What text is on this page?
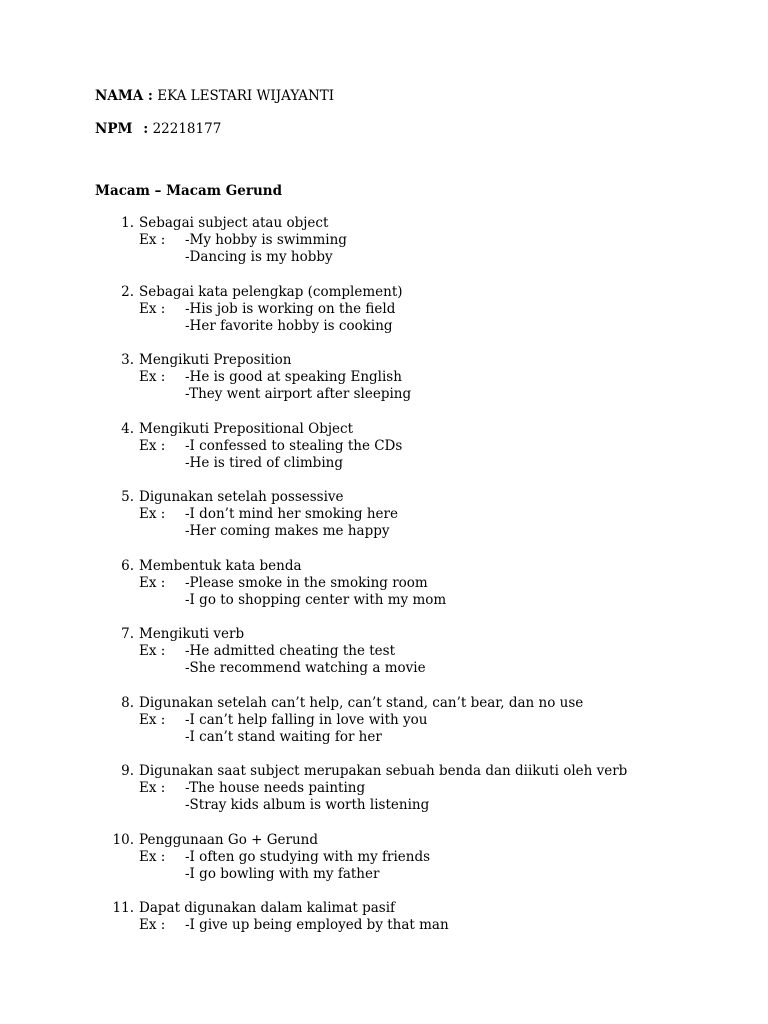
NAMA : EKA LESTARI WIJAYANTI
NPM : 22218177
Macam – Macam Gerund
1. Sebagai subject atau object
Ex : -My hobby is swimming
-Dancing is my hobby
2. Sebagai kata pelengkap (complement)
Ex : -His job is working on the field
-Her favorite hobby is cooking
3. Mengikuti Preposition
Ex : -He is good at speaking English
-They went airport after sleeping
4. Mengikuti Prepositional Object
Ex : -I confessed to stealing the CDs
-He is tired of climbing
5. Digunakan setelah possessive
Ex : -I don’t mind her smoking here
-Her coming makes me happy
6. Membentuk kata benda
Ex : -Please smoke in the smoking room
-I go to shopping center with my mom
7. Mengikuti verb
Ex : -He admitted cheating the test
-She recommend watching a movie
8. Digunakan setelah can’t help, can’t stand, can’t bear, dan no use
Ex : -I can’t help falling in love with you
-I can’t stand waiting for her
9. Digunakan saat subject merupakan sebuah benda dan diikuti oleh verb
Ex : -The house needs painting
-Stray kids album is worth listening
10. Penggunaan Go + Gerund
Ex : -I often go studying with my friends
-I go bowling with my father
11. Dapat digunakan dalam kalimat pasif
Ex : -I give up being employed by that man
